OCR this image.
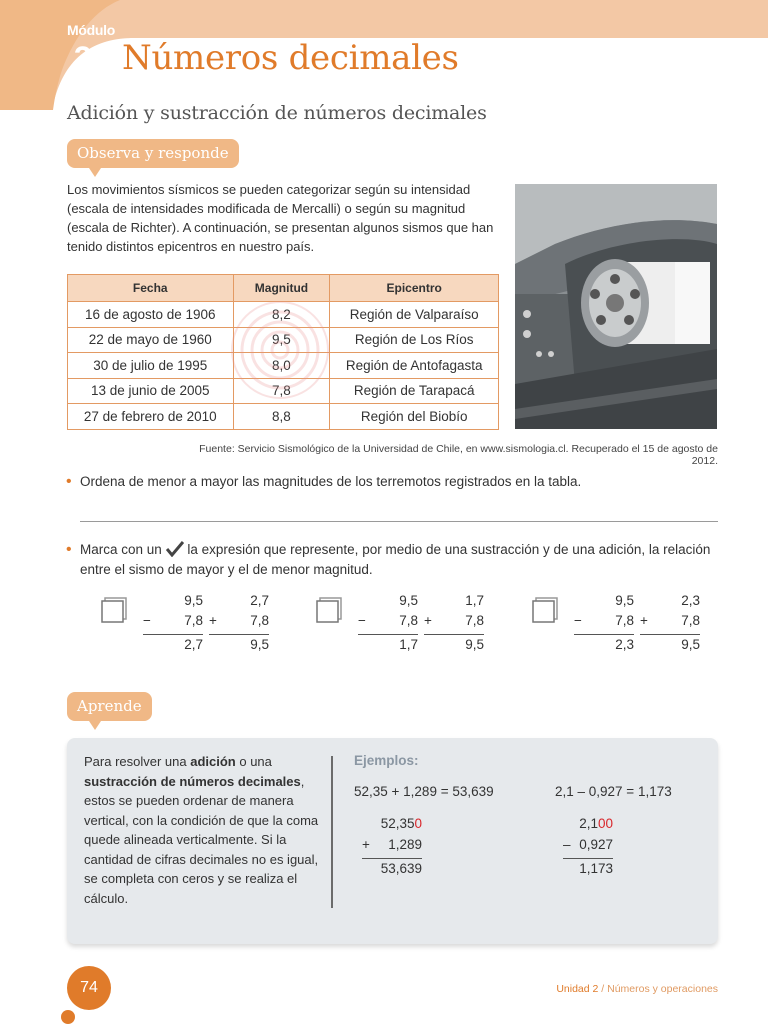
Módulo
3 Números decimales
Adición y sustracción de números decimales
Observa y responde
Los movimientos sísmicos se pueden categorizar según su intensidad (escala de intensidades modificada de Mercalli) o según su magnitud (escala de Richter). A continuación, se presentan algunos sismos que han tenido distintos epicentros en nuestro país.
Fecha	Magnitud	Epicentro
16 de agosto de 1906	8,2	Región de Valparaíso
22 de mayo de 1960	9,5	Región de Los Ríos
30 de julio de 1995	8,0	Región de Antofagasta
13 de junio de 2005	7,8	Región de Tarapacá
27 de febrero de 2010	8,8	Región del Biobío
Fuente: Servicio Sismológico de la Universidad de Chile, en www.sismologia.cl. Recuperado el 15 de agosto de 2012.
• Ordena de menor a mayor las magnitudes de los terremotos registrados en la tabla.
• Marca con un la expresión que represente, por medio de una sustracción y de una adición, la relación entre el sismo de mayor y el de menor magnitud.
9,5
− 7,8
2,7
2,7
+ 7,8
9,5
9,5
− 7,8
1,7
1,7
+ 7,8
9,5
9,5
− 7,8
2,3
2,3
+ 7,8
9,5
Aprende
Para resolver una adición o una sustracción de números decimales, estos se pueden ordenar de manera vertical, con la condición de que la coma quede alineada verticalmente. Si la cantidad de cifras decimales no es igual, se completa con ceros y se realiza el cálculo.
Ejemplos:
52,35 + 1,289 = 53,639	2,1 – 0,927 = 1,173
52,350
+ 1,289
53,639
2,100
– 0,927
1,173
74	Unidad 2 / Números y operaciones
